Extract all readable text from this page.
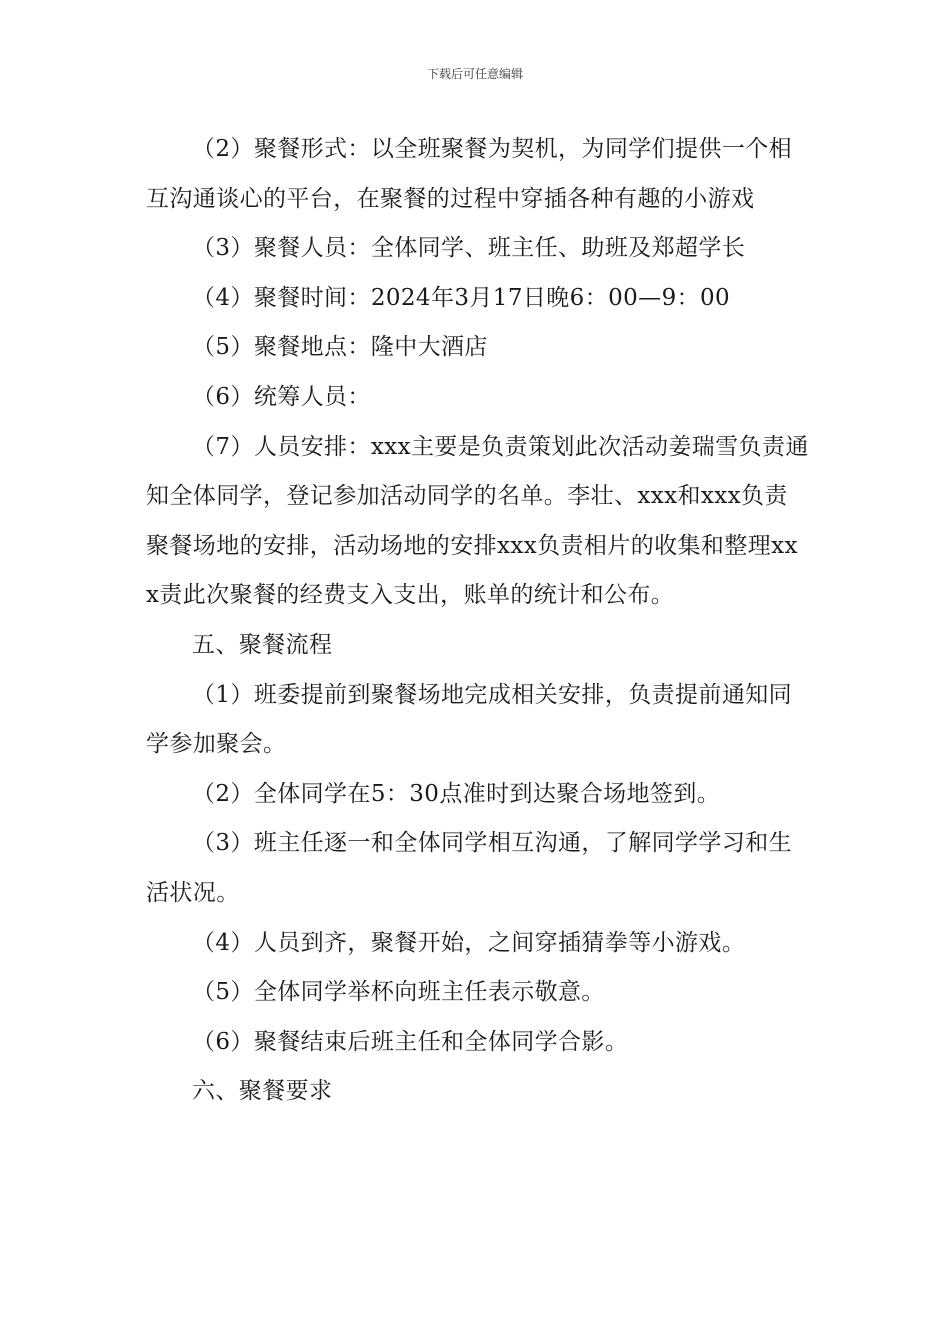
下载后可任意编辑

（2）聚餐形式：以全班聚餐为契机，为同学们提供一个相互沟通谈心的平台，在聚餐的过程中穿插各种有趣的小游戏

（3）聚餐人员：全体同学、班主任、助班及郑超学长

（4）聚餐时间：2024年3月17日晚6：00—9：00

（5）聚餐地点：隆中大酒店

（6）统筹人员：

（7）人员安排：xxx主要是负责策划此次活动姜瑞雪负责通知全体同学，登记参加活动同学的名单。李壮、xxx和xxx负责聚餐场地的安排，活动场地的安排xxx负责相片的收集和整理xxx责此次聚餐的经费支入支出，账单的统计和公布。

五、聚餐流程

（1）班委提前到聚餐场地完成相关安排，负责提前通知同学参加聚会。

（2）全体同学在5：30点准时到达聚合场地签到。

（3）班主任逐一和全体同学相互沟通，了解同学学习和生活状况。

（4）人员到齐，聚餐开始，之间穿插猜拳等小游戏。

（5）全体同学举杯向班主任表示敬意。

（6）聚餐结束后班主任和全体同学合影。

六、聚餐要求
